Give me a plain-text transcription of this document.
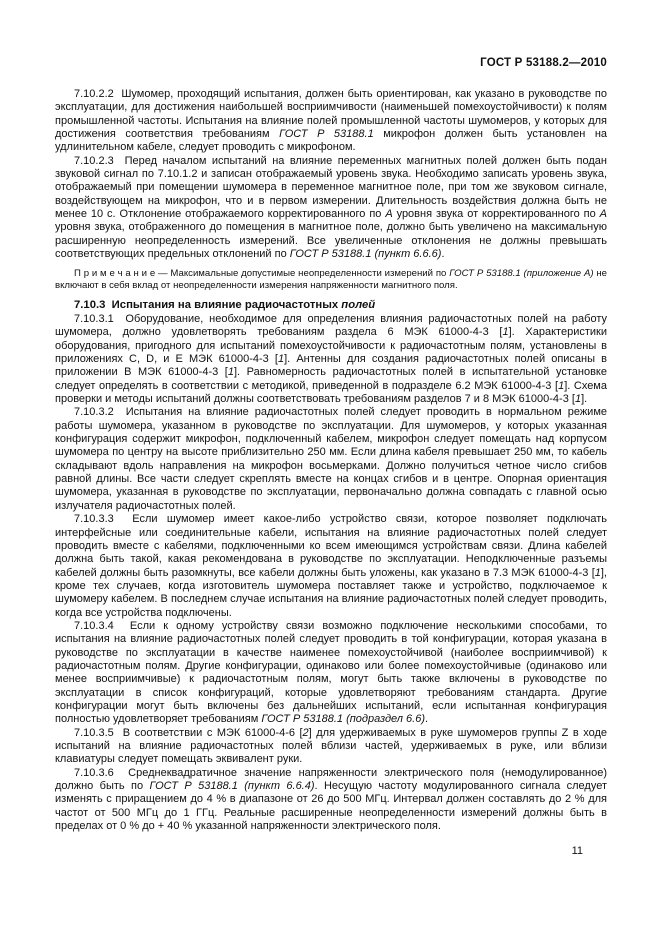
ГОСТ Р 53188.2—2010

7.10.2.2  Шумомер, проходящий испытания, должен быть ориентирован, как указано в руководстве по эксплуатации, для достижения наибольшей восприимчивости (наименьшей помехоустойчивости) к полям промышленной частоты. Испытания на влияние полей промышленной частоты шумомеров, у которых для достижения соответствия требованиям ГОСТ Р 53188.1 микрофон должен быть установлен на удлинительном кабеле, следует проводить с микрофоном.

7.10.2.3  Перед началом испытаний на влияние переменных магнитных полей должен быть подан звуковой сигнал по 7.10.1.2 и записан отображаемый уровень звука. Необходимо записать уровень звука, отображаемый при помещении шумомера в переменное магнитное поле, при том же звуковом сигнале, воздействующем на микрофон, что и в первом измерении. Длительность воздействия должна быть не менее 10 с. Отклонение отображаемого корректированного по А уровня звука от корректированного по А уровня звука, отображенного до помещения в магнитное поле, должно быть увеличено на максимальную расширенную неопределенность измерений. Все увеличенные отклонения не должны превышать соответствующих предельных отклонений по ГОСТ Р 53188.1 (пункт 6.6.6).

П р и м е ч а н и е — Максимальные допустимые неопределенности измерений по ГОСТ Р 53188.1 (приложение А) не включают в себя вклад от неопределенности измерения напряженности магнитного поля.

7.10.3  Испытания на влияние радиочастотных полей

7.10.3.1  Оборудование, необходимое для определения влияния радиочастотных полей на работу шумомера, должно удовлетворять требованиям раздела 6 МЭК 61000-4-3 [1]. Характеристики оборудования, пригодного для испытаний помехоустойчивости к радиочастотным полям, установлены в приложениях C, D, и E МЭК 61000-4-3 [1]. Антенны для создания радиочастотных полей описаны в приложении B МЭК 61000-4-3 [1]. Равномерность радиочастотных полей в испытательной установке следует определять в соответствии с методикой, приведенной в подразделе 6.2 МЭК 61000-4-3 [1]. Схема проверки и методы испытаний должны соответствовать требованиям разделов 7 и 8 МЭК 61000-4-3 [1].

7.10.3.2  Испытания на влияние радиочастотных полей следует проводить в нормальном режиме работы шумомера, указанном в руководстве по эксплуатации. Для шумомеров, у которых указанная конфигурация содержит микрофон, подключенный кабелем, микрофон следует помещать над корпусом шумомера по центру на высоте приблизительно 250 мм. Если длина кабеля превышает 250 мм, то кабель складывают вдоль направления на микрофон восьмерками. Должно получиться четное число сгибов равной длины. Все части следует скреплять вместе на концах сгибов и в центре. Опорная ориентация шумомера, указанная в руководстве по эксплуатации, первоначально должна совпадать с главной осью излучателя радиочастотных полей.

7.10.3.3  Если шумомер имеет какое-либо устройство связи, которое позволяет подключать интерфейсные или соединительные кабели, испытания на влияние радиочастотных полей следует проводить вместе с кабелями, подключенными ко всем имеющимся устройствам связи. Длина кабелей должна быть такой, какая рекомендована в руководстве по эксплуатации. Неподключенные разъемы кабелей должны быть разомкнуты, все кабели должны быть уложены, как указано в 7.3 МЭК 61000-4-3 [1], кроме тех случаев, когда изготовитель шумомера поставляет также и устройство, подключаемое к шумомеру кабелем. В последнем случае испытания на влияние радиочастотных полей следует проводить, когда все устройства подключены.

7.10.3.4  Если к одному устройству связи возможно подключение несколькими способами, то испытания на влияние радиочастотных полей следует проводить в той конфигурации, которая указана в руководстве по эксплуатации в качестве наименее помехоустойчивой (наиболее восприимчивой) к радиочастотным полям. Другие конфигурации, одинаково или более помехоустойчивые (одинаково или менее восприимчивые) к радиочастотным полям, могут быть также включены в руководстве по эксплуатации в список конфигураций, которые удовлетворяют требованиям стандарта. Другие конфигурации могут быть включены без дальнейших испытаний, если испытанная конфигурация полностью удовлетворяет требованиям ГОСТ Р 53188.1 (подраздел 6.6).

7.10.3.5  В соответствии с МЭК 61000-4-6 [2] для удерживаемых в руке шумомеров группы Z в ходе испытаний на влияние радиочастотных полей вблизи частей, удерживаемых в руке, или вблизи клавиатуры следует помещать эквивалент руки.

7.10.3.6  Среднеквадратичное значение напряженности электрического поля (немодулированное) должно быть по ГОСТ Р 53188.1 (пункт 6.6.4). Несущую частоту модулированного сигнала следует изменять с приращением до 4 % в диапазоне от 26 до 500 МГц. Интервал должен составлять до 2 % для частот от 500 МГц до 1 ГГц. Реальные расширенные неопределенности измерений должны быть в пределах от 0 % до + 40 % указанной напряженности электрического поля.

11
